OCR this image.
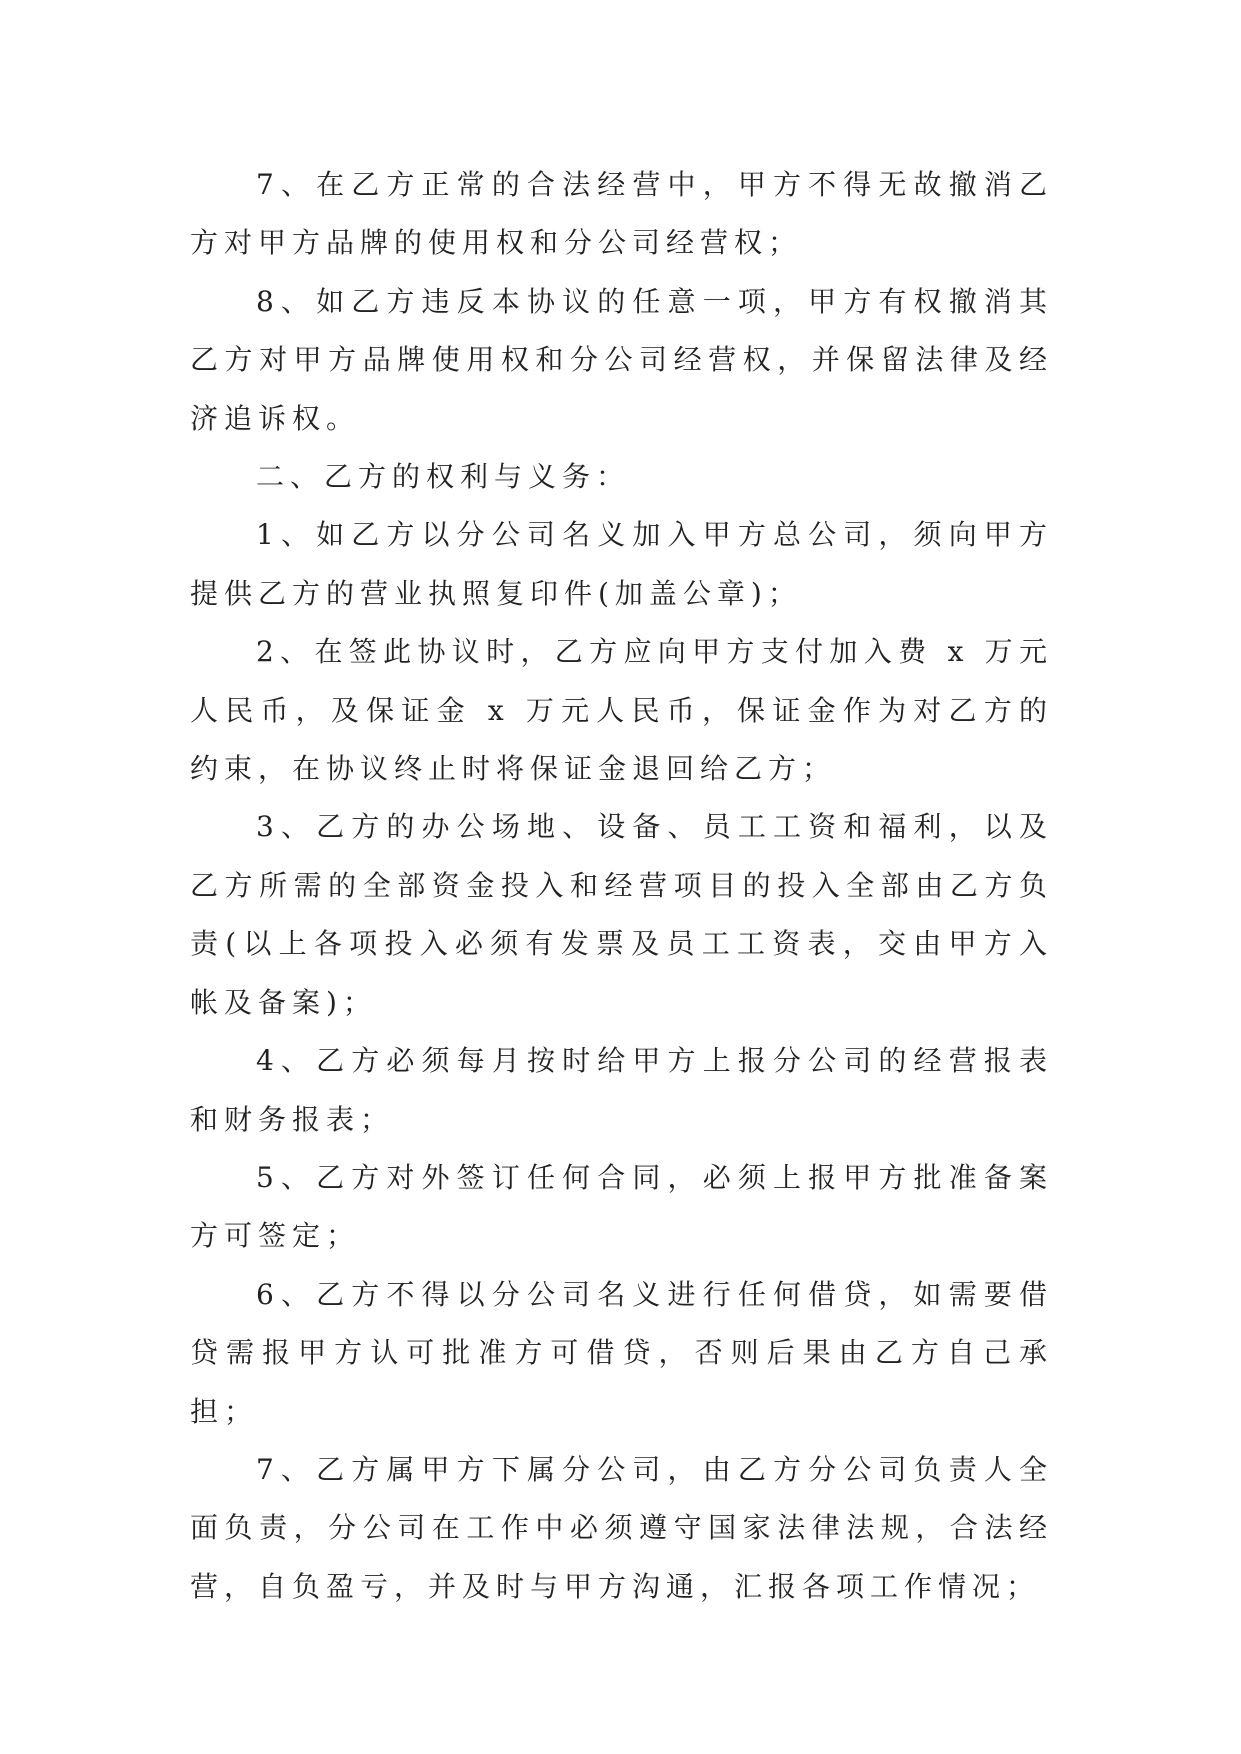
7、在乙方正常的合法经营中，甲方不得无故撤消乙方对甲方品牌的使用权和分公司经营权；

8、如乙方违反本协议的任意一项，甲方有权撤消其乙方对甲方品牌使用权和分公司经营权，并保留法律及经济追诉权。

二、乙方的权利与义务：

1、如乙方以分公司名义加入甲方总公司，须向甲方提供乙方的营业执照复印件(加盖公章)；

2、在签此协议时，乙方应向甲方支付加入费 x 万元人民币，及保证金 x 万元人民币，保证金作为对乙方的约束，在协议终止时将保证金退回给乙方；

3、乙方的办公场地、设备、员工工资和福利，以及乙方所需的全部资金投入和经营项目的投入全部由乙方负责(以上各项投入必须有发票及员工工资表，交由甲方入帐及备案)；

4、乙方必须每月按时给甲方上报分公司的经营报表和财务报表；

5、乙方对外签订任何合同，必须上报甲方批准备案方可签定；

6、乙方不得以分公司名义进行任何借贷，如需要借贷需报甲方认可批准方可借贷，否则后果由乙方自己承担；

7、乙方属甲方下属分公司，由乙方分公司负责人全面负责，分公司在工作中必须遵守国家法律法规，合法经营，自负盈亏，并及时与甲方沟通，汇报各项工作情况；
